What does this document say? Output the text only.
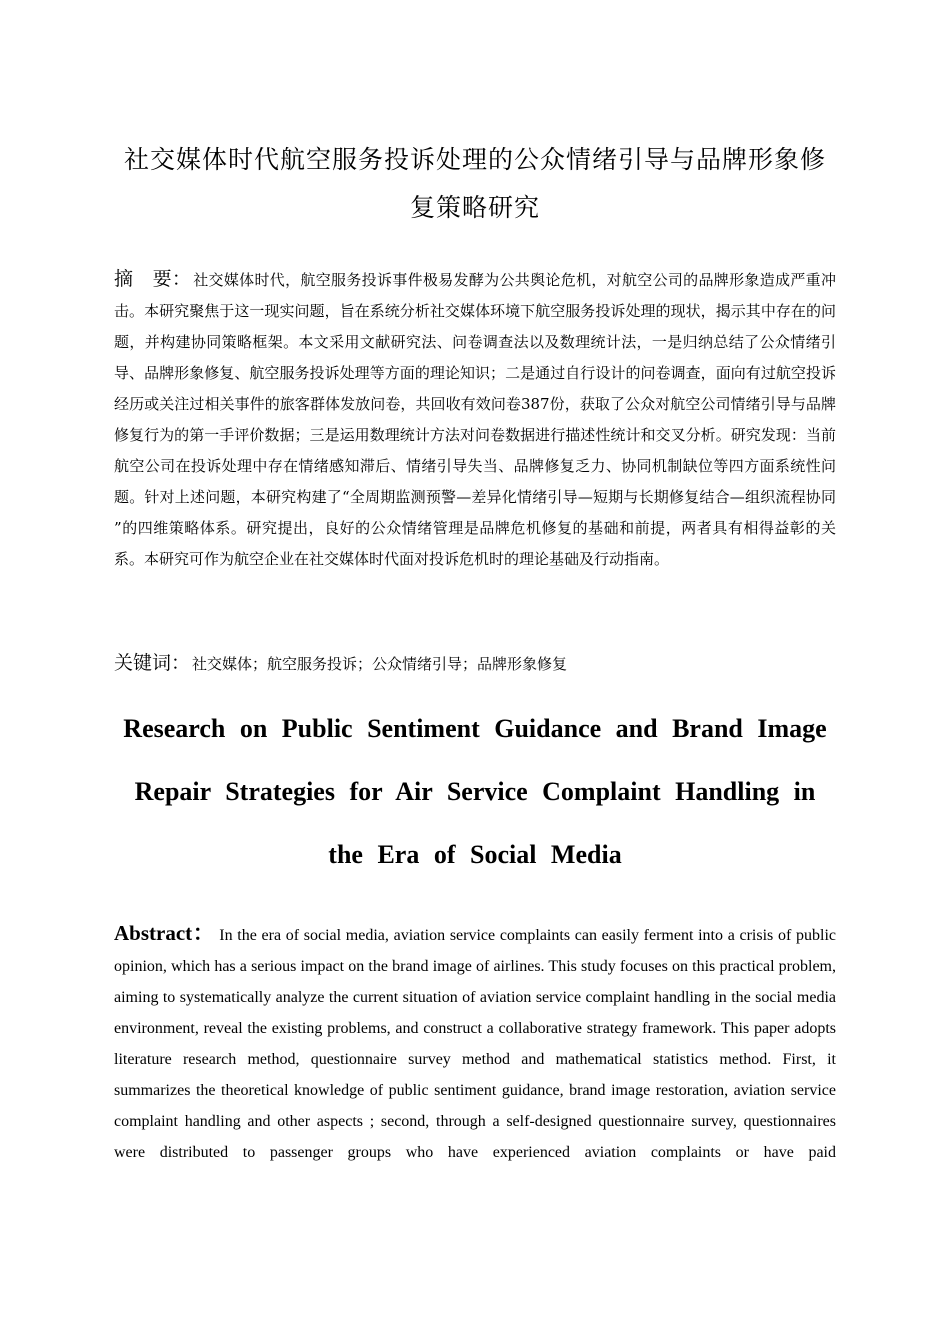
社交媒体时代航空服务投诉处理的公众情绪引导与品牌形象修复策略研究
摘　要： 社交媒体时代，航空服务投诉事件极易发酵为公共舆论危机，对航空公司的品牌形象造成严重冲击。本研究聚焦于这一现实问题，旨在系统分析社交媒体环境下航空服务投诉处理的现状，揭示其中存在的问题，并构建协同策略框架。本文采用文献研究法、问卷调查法以及数理统计法，一是归纳总结了公众情绪引导、品牌形象修复、航空服务投诉处理等方面的理论知识；二是通过自行设计的问卷调查，面向有过航空投诉经历或关注过相关事件的旅客群体发放问卷，共回收有效问卷387份，获取了公众对航空公司情绪引导与品牌修复行为的第一手评价数据；三是运用数理统计方法对问卷数据进行描述性统计和交叉分析。研究发现：当前航空公司在投诉处理中存在情绪感知滞后、情绪引导失当、品牌修复乏力、协同机制缺位等四方面系统性问题。针对上述问题，本研究构建了“全周期监测预警—差异化情绪引导—短期与长期修复结合—组织流程协同 ”的四维策略体系。研究提出，良好的公众情绪管理是品牌危机修复的基础和前提，两者具有相得益彰的关系。本研究可作为航空企业在社交媒体时代面对投诉危机时的理论基础及行动指南。
关键词： 社交媒体；航空服务投诉；公众情绪引导；品牌形象修复
Research on Public Sentiment Guidance and Brand Image Repair Strategies for Air Service Complaint Handling in the Era of Social Media
Abstract： In the era of social media, aviation service complaints can easily ferment into a crisis of public opinion, which has a serious impact on the brand image of airlines. This study focuses on this practical problem, aiming to systematically analyze the current situation of aviation service complaint handling in the social media environment, reveal the existing problems, and construct a collaborative strategy framework. This paper adopts literature research method, questionnaire survey method and mathematical statistics method. First, it summarizes the theoretical knowledge of public sentiment guidance, brand image restoration, aviation service complaint handling and other aspects ; second, through a self-designed questionnaire survey, questionnaires were distributed to passenger groups who have experienced aviation complaints or have paid
